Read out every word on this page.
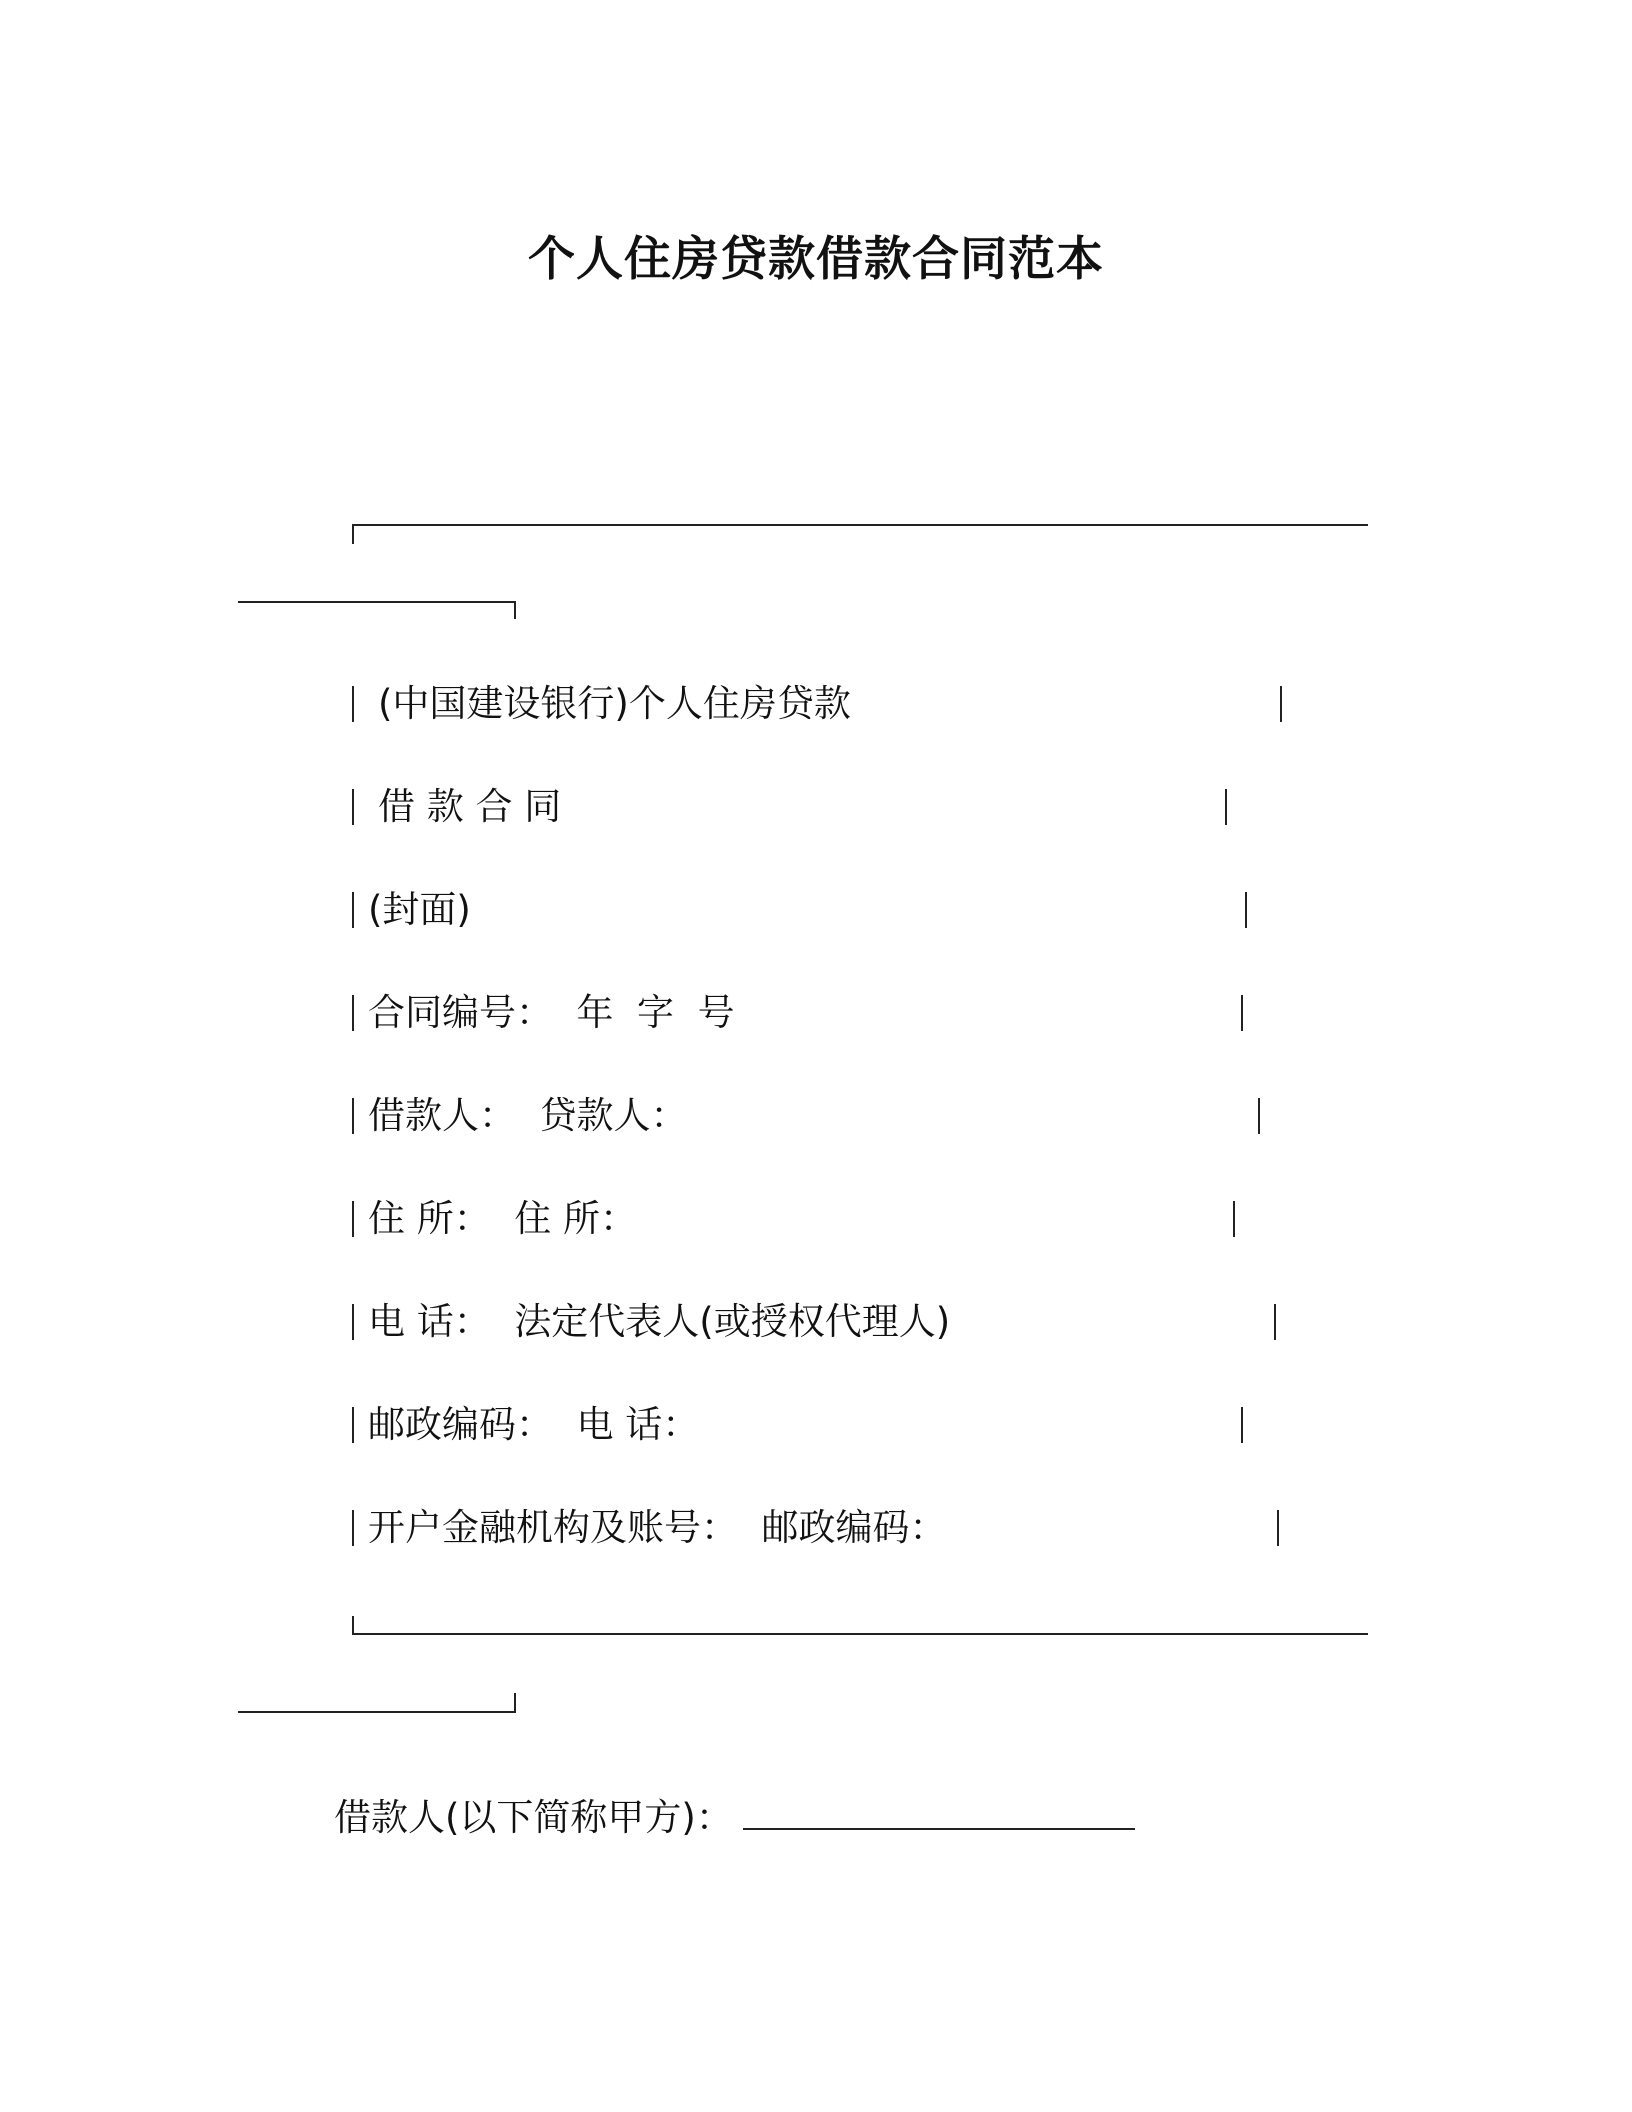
个人住房贷款借款合同范本
(中国建设银行)个人住房贷款
借 款 合 同
(封面)
合同编号：  年  字  号
借款人：  贷款人：
住 所：  住 所：
电 话：  法定代表人(或授权代理人)
邮政编码：  电 话：
开户金融机构及账号：  邮政编码：
借款人(以下简称甲方)：
